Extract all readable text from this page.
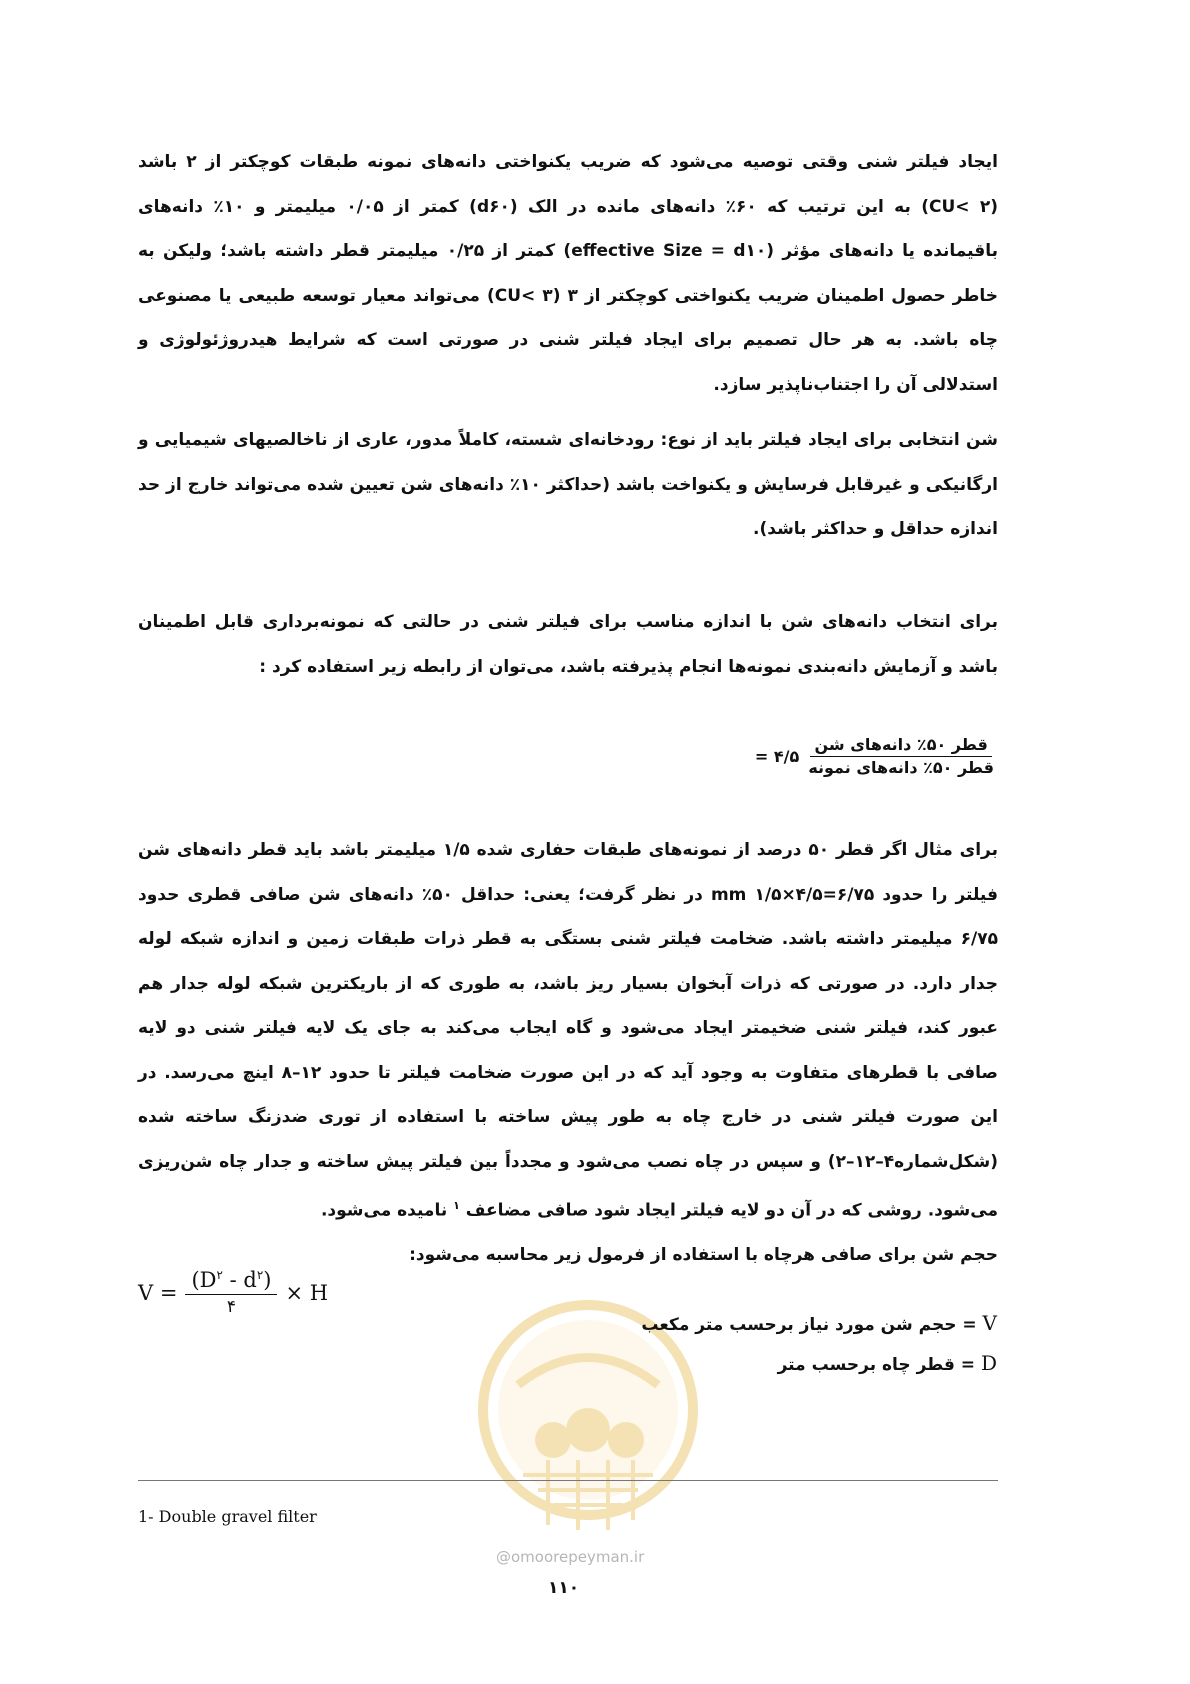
ایجاد فیلتر شنی وقتی توصیه می‌شود که ضریب یکنواختی دانه‌های نمونه طبقات کوچکتر از ۲ باشد (CU< ۲) به این ترتیب که ۶۰٪ دانه‌های مانده در الک (d۶۰) کمتر از ۰/۰۵ میلیمتر و ۱۰٪ دانه‌های باقیمانده یا دانه‌های مؤثر (effective Size = d۱۰) کمتر از ۰/۲۵ میلیمتر قطر داشته باشد؛ ولیکن به خاطر حصول اطمینان ضریب یکنواختی کوچکتر از ۳ (CU< ۳) می‌تواند معیار توسعه طبیعی یا مصنوعی چاه باشد. به هر حال تصمیم برای ایجاد فیلتر شنی در صورتی است که شرایط هیدروژئولوژی و استدلالی آن را اجتناب‌ناپذیر سازد.

شن انتخابی برای ایجاد فیلتر باید از نوع: رودخانه‌ای شسته، کاملاً مدور، عاری از ناخالصیهای شیمیایی و ارگانیکی و غیرقابل فرسایش و یکنواخت باشد (حداکثر ۱۰٪ دانه‌های شن تعیین شده می‌تواند خارج از حد اندازه حداقل و حداکثر باشد).

برای انتخاب دانه‌های شن با اندازه مناسب برای فیلتر شنی در حالتی که نمونه‌برداری قابل اطمینان باشد و آزمایش دانه‌بندی نمونه‌ها انجام پذیرفته باشد، می‌توان از رابطه زیر استفاده کرد :

$\frac{\text{قطر ۵۰٪ دانه‌های شن}}{\text{قطر ۵۰٪ دانه‌های نمونه}}$
۴/۵ =

برای مثال اگر قطر ۵۰ درصد از نمونه‌های طبقات حفاری شده ۱/۵ میلیمتر باشد باید قطر دانه‌های شن فیلتر را حدود mm ۱/۵×۴/۵=۶/۷۵ در نظر گرفت؛ یعنی: حداقل ۵۰٪ دانه‌های شن صافی قطری حدود ۶/۷۵ میلیمتر داشته باشد. ضخامت فیلتر شنی بستگی به قطر ذرات طبقات زمین و اندازه شبکه لوله جدار دارد. در صورتی که ذرات آبخوان بسیار ریز باشد، به طوری که از باریکترین شبکه لوله جدار هم عبور کند، فیلتر شنی ضخیمتر ایجاد می‌شود و گاه ایجاب می‌کند به جای یک لایه فیلتر شنی دو لایه صافی با قطرهای متفاوت به وجود آید که در این صورت ضخامت فیلتر تا حدود ۱۲–۸ اینچ می‌رسد. در این صورت فیلتر شنی در خارج چاه به طور پیش ساخته با استفاده از توری ضدزنگ ساخته شده (شکل‌شماره۴–۱۲–۲) و سپس در چاه نصب می‌شود و مجدداً بین فیلتر پیش ساخته و جدار چاه شن‌ریزی می‌شود. روشی که در آن دو لایه فیلتر ایجاد شود صافی مضاعف $^۱$ نامیده می‌شود.
حجم شن برای صافی هرچاه با استفاده از فرمول زیر محاسبه می‌شود:

V =
$(D^۲ - d^۲)$
۴
× H
V = حجم شن مورد نیاز برحسب متر مکعب
D = قطر چاه برحسب متر
1- Double gravel filter
@omoorepeyman.ir
۱۱۰
